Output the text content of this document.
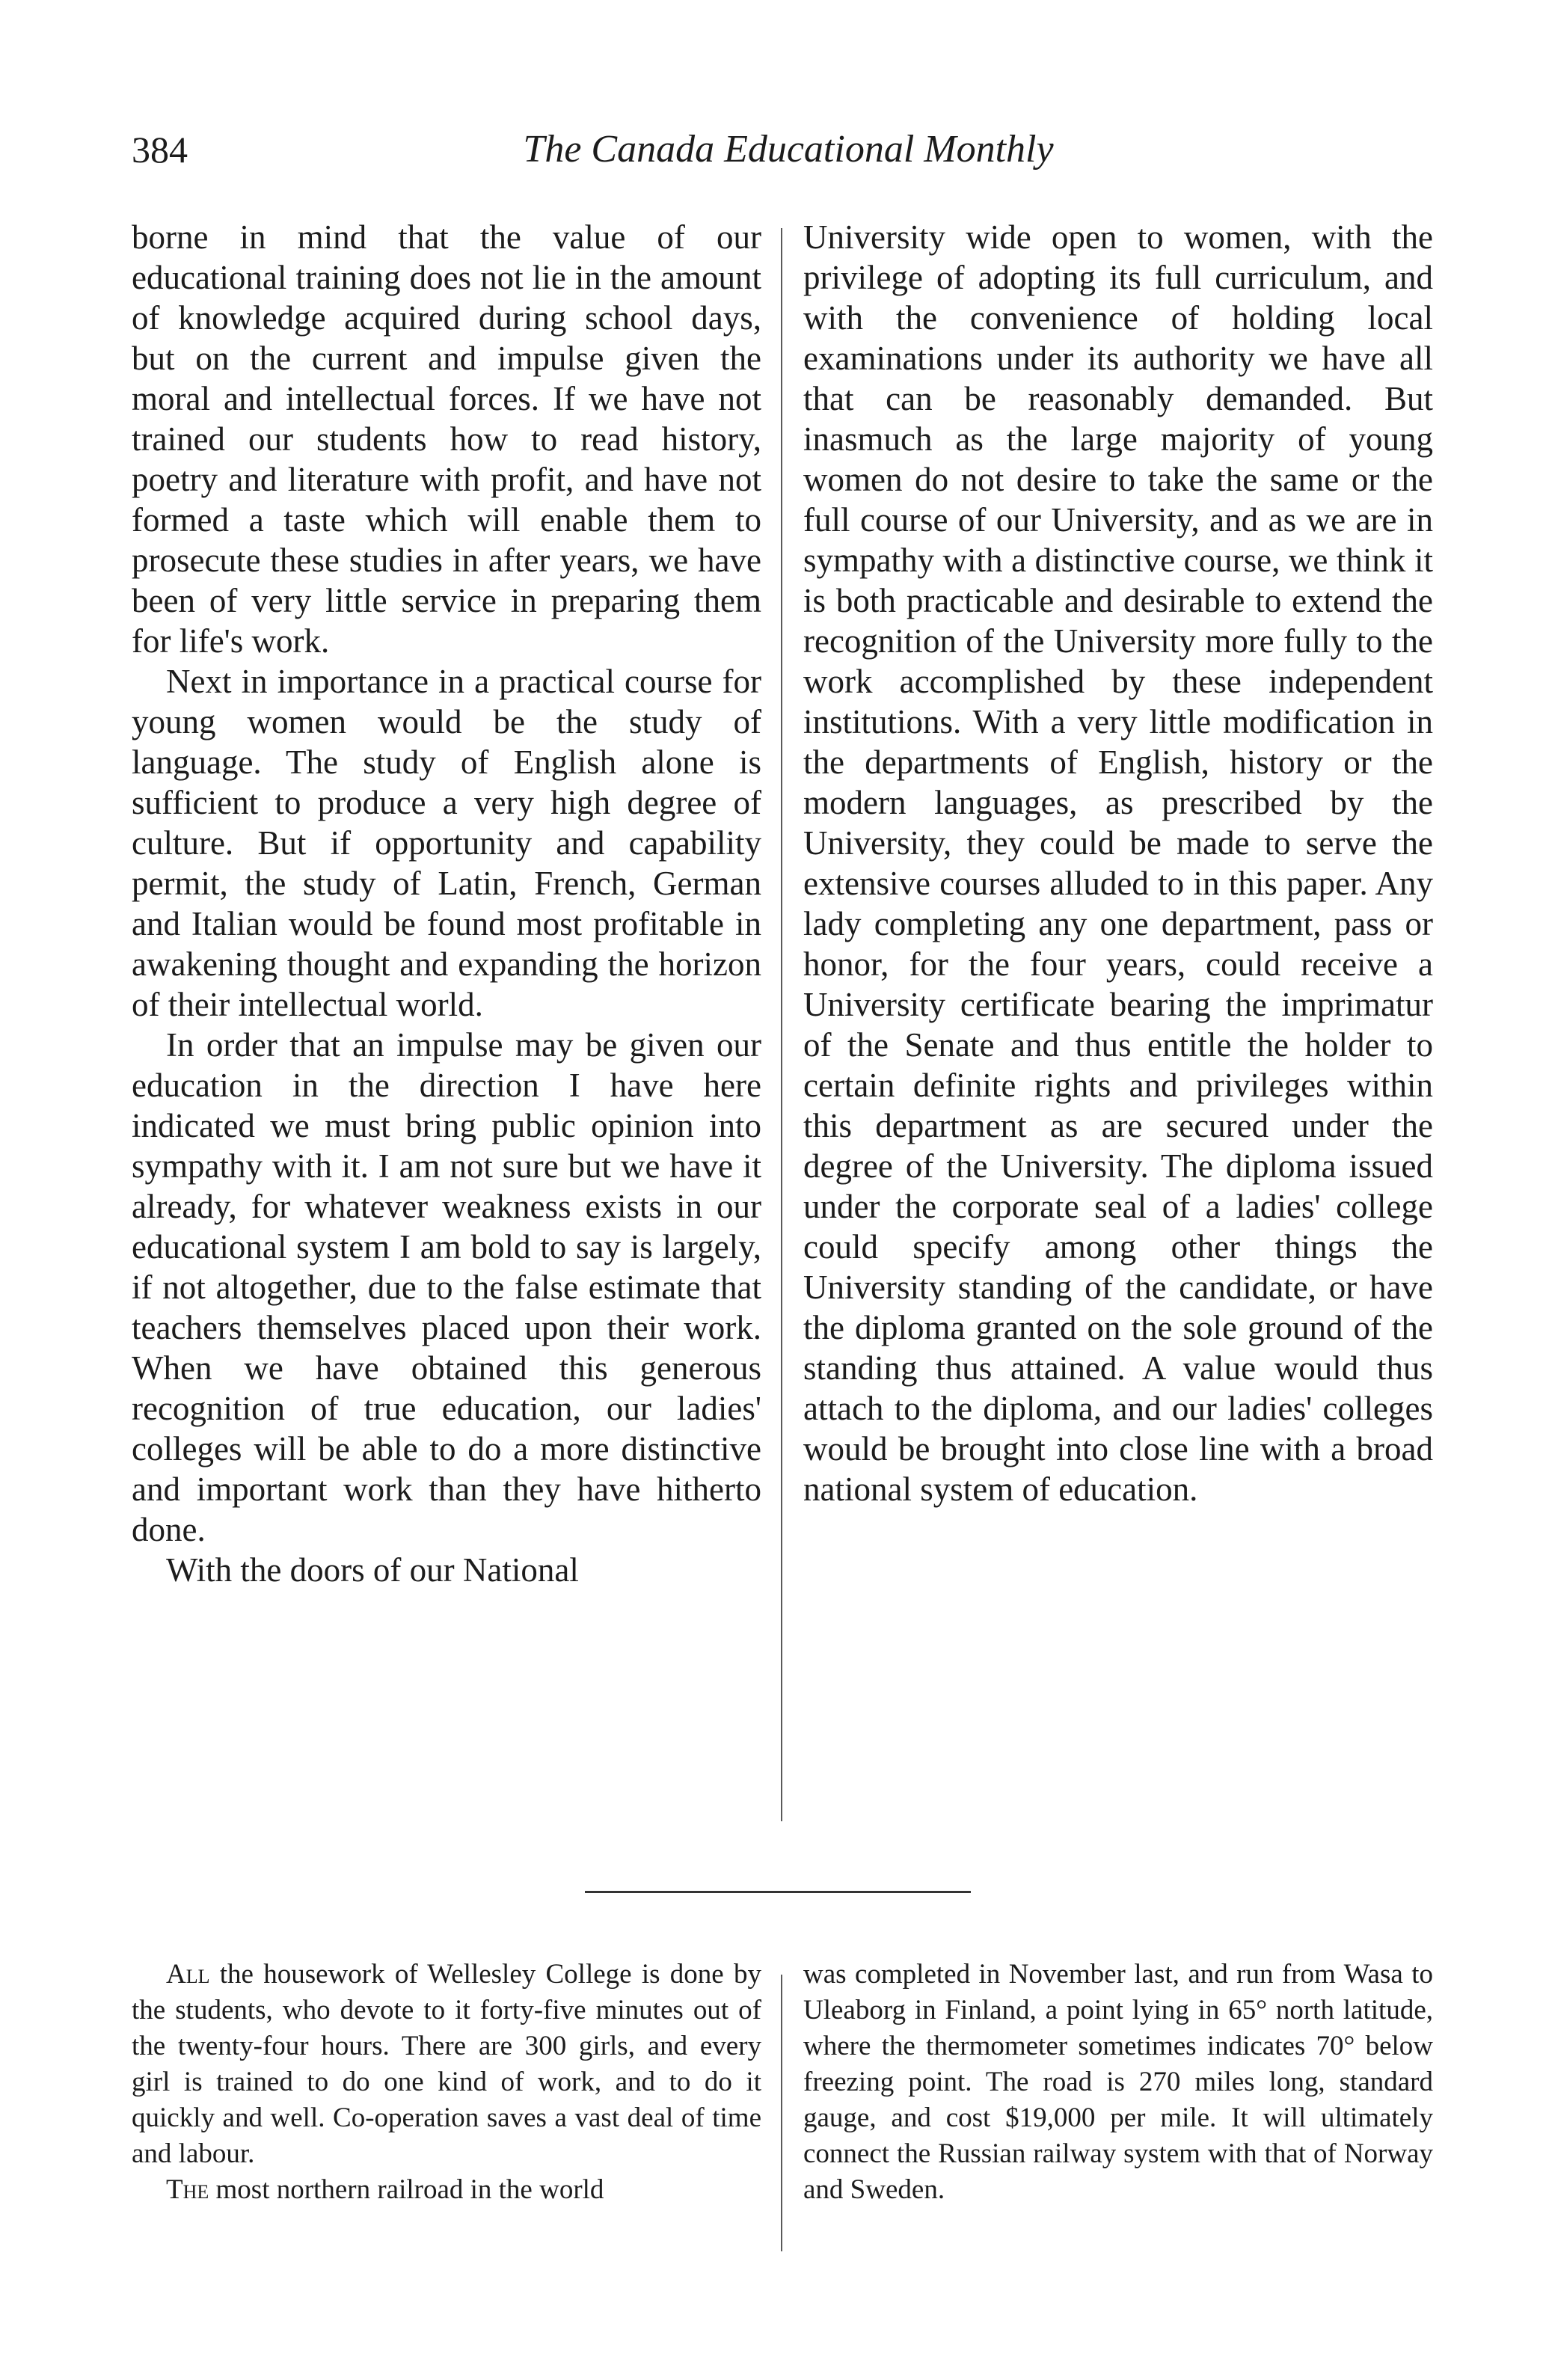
384	The Canada Educational Monthly

borne in mind that the value of our educational training does not lie in the amount of knowledge acquired during school days, but on the current and impulse given the moral and intellectual forces. If we have not trained our students how to read history, poetry and literature with profit, and have not formed a taste which will enable them to prosecute these studies in after years, we have been of very little service in preparing them for life's work.

Next in importance in a practical course for young women would be the study of language. The study of English alone is sufficient to produce a very high degree of culture. But if opportunity and capability permit, the study of Latin, French, German and Italian would be found most profitable in awakening thought and expanding the horizon of their intellectual world.

In order that an impulse may be given our education in the direction I have here indicated we must bring public opinion into sympathy with it. I am not sure but we have it already, for whatever weakness exists in our educational system I am bold to say is largely, if not altogether, due to the false estimate that teachers themselves placed upon their work. When we have obtained this generous recognition of true education, our ladies' colleges will be able to do a more distinctive and important work than they have hitherto done.

With the doors of our National

University wide open to women, with the privilege of adopting its full curriculum, and with the convenience of holding local examinations under its authority we have all that can be reasonably demanded. But inasmuch as the large majority of young women do not desire to take the same or the full course of our University, and as we are in sympathy with a distinctive course, we think it is both practicable and desirable to extend the recognition of the University more fully to the work accomplished by these independent institutions. With a very little modification in the departments of English, history or the modern languages, as prescribed by the University, they could be made to serve the extensive courses alluded to in this paper. Any lady completing any one department, pass or honor, for the four years, could receive a University certificate bearing the imprimatur of the Senate and thus entitle the holder to certain definite rights and privileges within this department as are secured under the degree of the University. The diploma issued under the corporate seal of a ladies' college could specify among other things the University standing of the candidate, or have the diploma granted on the sole ground of the standing thus attained. A value would thus attach to the diploma, and our ladies' colleges would be brought into close line with a broad national system of education.

All the housework of Wellesley College is done by the students, who devote to it forty-five minutes out of the twenty-four hours. There are 300 girls, and every girl is trained to do one kind of work, and to do it quickly and well. Co-operation saves a vast deal of time and labour.

The most northern railroad in the world

was completed in November last, and run from Wasa to Uleaborg in Finland, a point lying in 65° north latitude, where the thermometer sometimes indicates 70° below freezing point. The road is 270 miles long, standard gauge, and cost $19,000 per mile. It will ultimately connect the Russian railway system with that of Norway and Sweden.
